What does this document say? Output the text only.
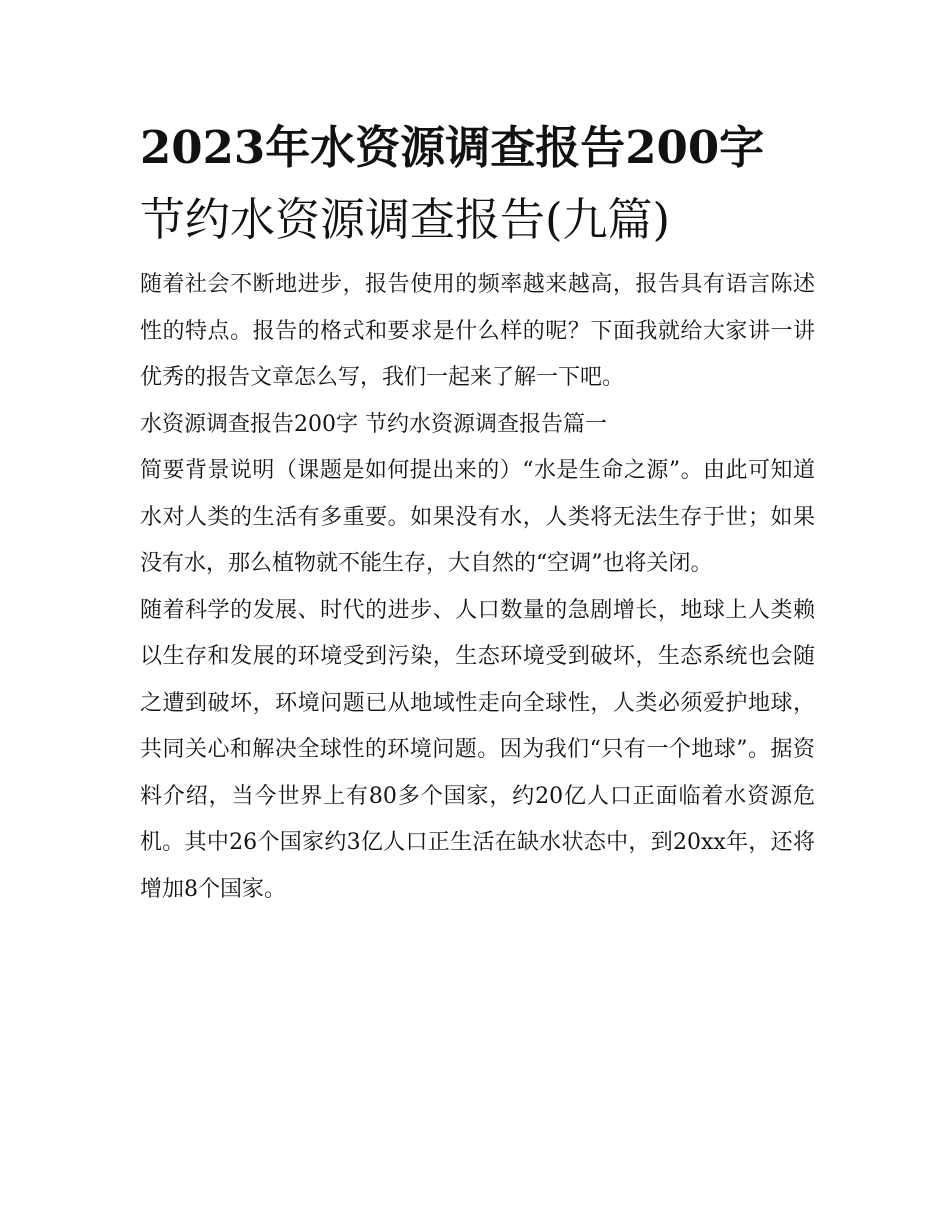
2023年水资源调查报告200字
节约水资源调查报告(九篇)

随着社会不断地进步，报告使用的频率越来越高，报告具有语言陈述性的特点。报告的格式和要求是什么样的呢？下面我就给大家讲一讲优秀的报告文章怎么写，我们一起来了解一下吧。

水资源调查报告200字 节约水资源调查报告篇一

简要背景说明（课题是如何提出来的）“水是生命之源”。由此可知道水对人类的生活有多重要。如果没有水，人类将无法生存于世；如果没有水，那么植物就不能生存，大自然的“空调”也将关闭。

随着科学的发展、时代的进步、人口数量的急剧增长，地球上人类赖以生存和发展的环境受到污染，生态环境受到破坏，生态系统也会随之遭到破坏，环境问题已从地域性走向全球性，人类必须爱护地球，共同关心和解决全球性的环境问题。因为我们“只有一个地球”。据资料介绍，当今世界上有80多个国家，约20亿人口正面临着水资源危机。其中26个国家约3亿人口正生活在缺水状态中，到20xx年，还将增加8个国家。
